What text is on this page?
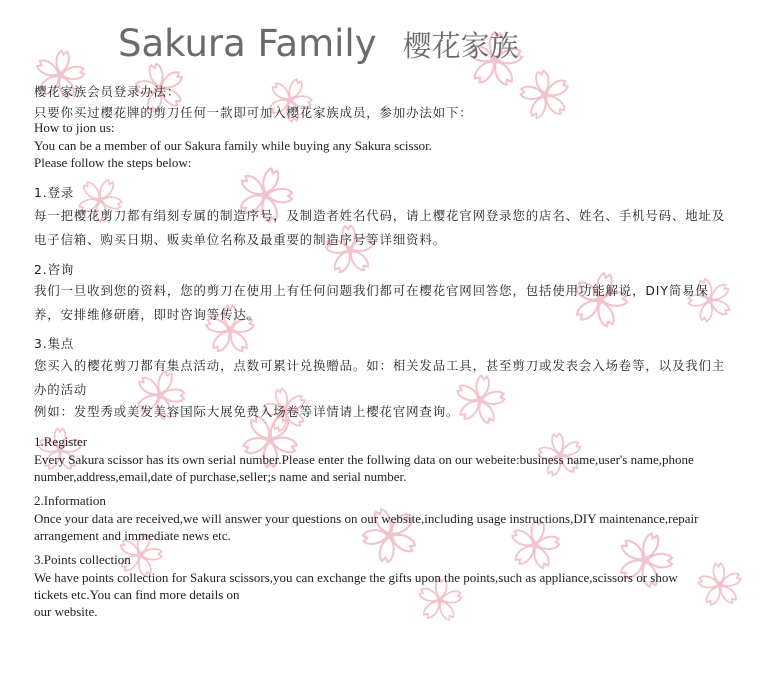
Sakura Family 樱花家族
樱花家族会员登录办法：
只要你买过樱花牌的剪刀任何一款即可加入樱花家族成员，参加办法如下：
How to jion us:
You can be a member of our Sakura family while buying any Sakura scissor.
Please follow the steps below:
1.登录
每一把樱花剪刀都有绢刻专属的制造序号，及制造者姓名代码，请上樱花官网登录您的店名、姓名、手机号码、地址及电子信箱、购买日期、贩卖单位名称及最重要的制造序号等详细资料。
2.咨询
我们一旦收到您的资料，您的剪刀在使用上有任何问题我们都可在樱花官网回答您，包括使用功能解说，DIY简易保养，安排维修研磨，即时咨询等传达。
3.集点
您买入的樱花剪刀都有集点活动，点数可累计兑换赠品。如：相关发品工具，甚至剪刀或发表会入场卷等，以及我们主办的活动
例如：发型秀或美发美容国际大展免费入场卷等详情请上樱花官网查询。
1.Register
Every Sakura scissor has its own serial number.Please enter the follwing data on our webeite:business name,user's name,phone number,address,email,date of purchase,seller;s name and serial number.
2.Information
Once your data are received,we will answer your questions on our website,including usage instructions,DIY maintenance,repair arrangement and immediate news etc.
3.Points collection
We have points collection for Sakura scissors,you can exchange the gifts upon the points,such as appliance,scissors or show tickets etc.You can find more details on
our website.
